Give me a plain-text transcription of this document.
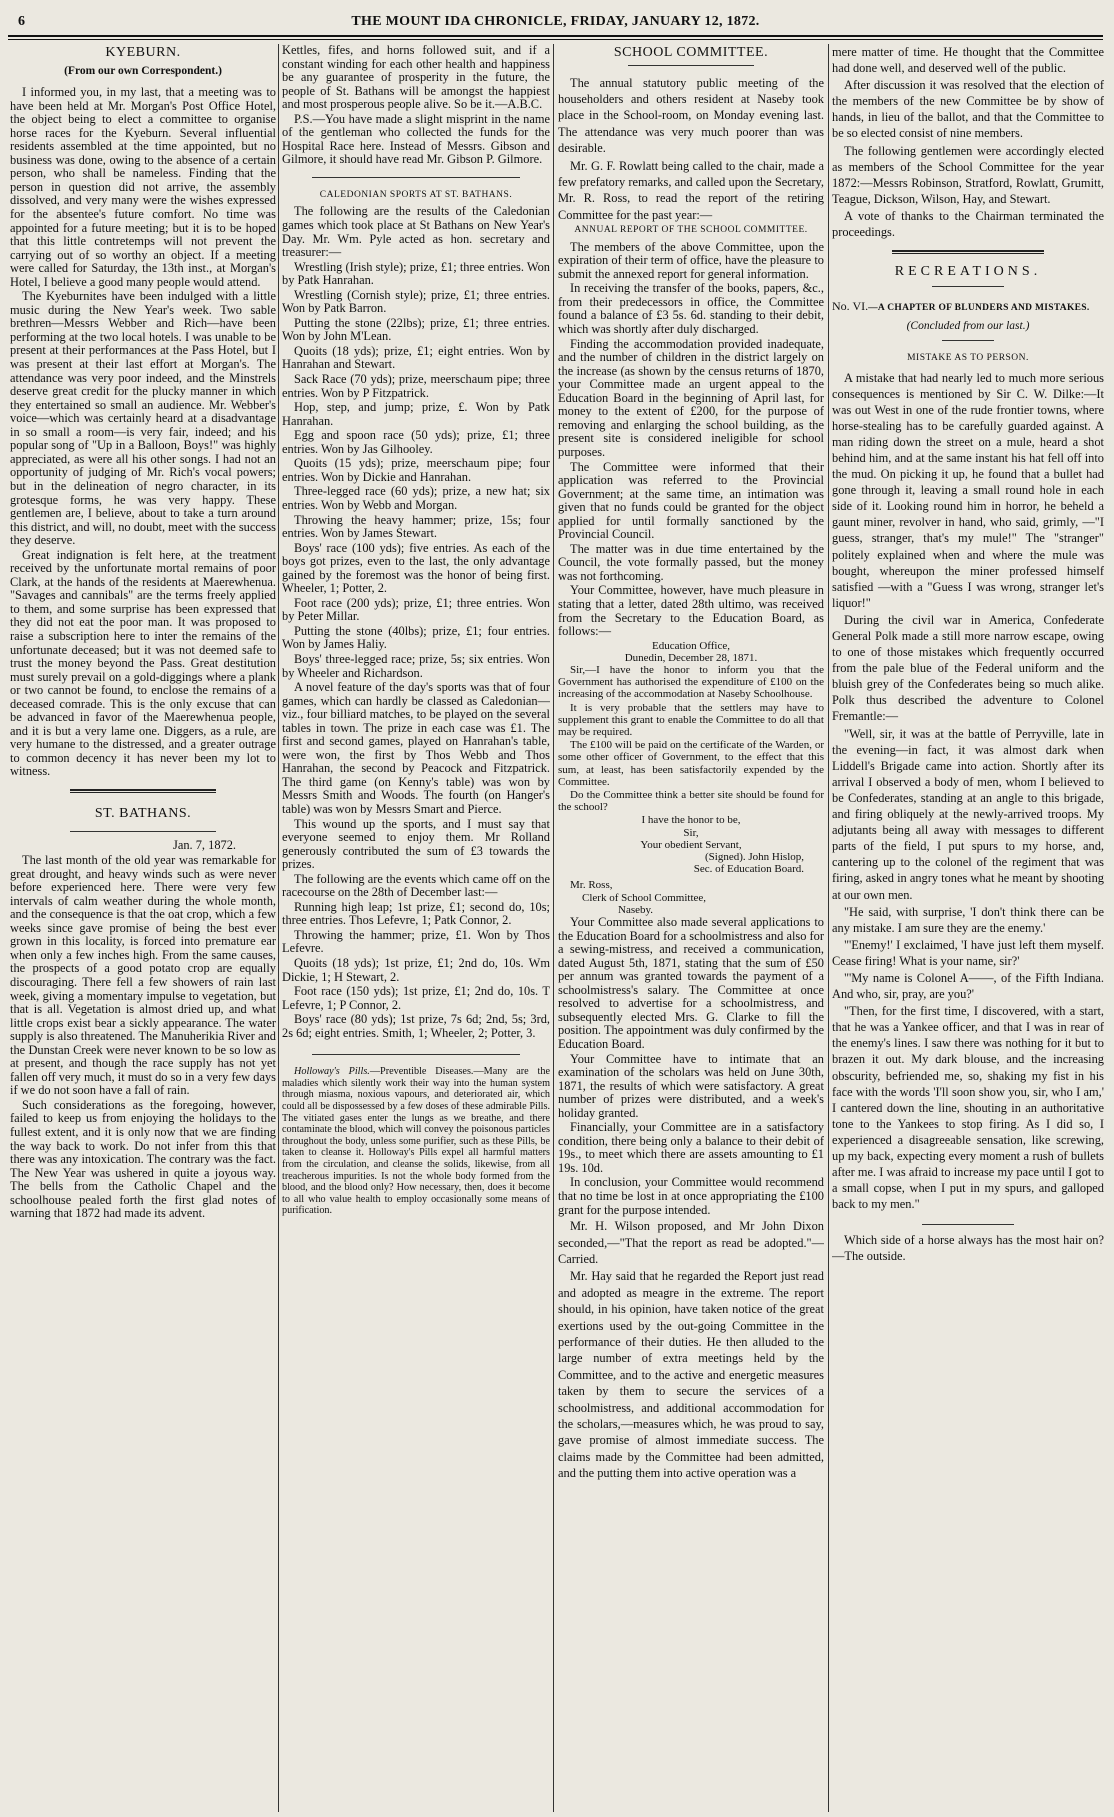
6	THE MOUNT IDA CHRONICLE, FRIDAY, JANUARY 12, 1872.
KYEBURN.
(From our own Correspondent.)

I informed you, in my last, that a meeting was to have been held at Mr. Morgan's Post Office Hotel, the object being to elect a committee to organise horse races for the Kyeburn. Several influential residents assembled at the time appointed, but no business was done, owing to the absence of a certain person, who shall be nameless. Finding that the person in question did not arrive, the assembly dissolved, and very many were the wishes expressed for the absentee's future comfort. No time was appointed for a future meeting; but it is to be hoped that this little contretemps will not prevent the carrying out of so worthy an object. If a meeting were called for Saturday, the 13th inst., at Morgan's Hotel, I believe a good many people would attend.

The Kyeburnites have been indulged with a little music during the New Year's week. Two sable brethren—Messrs Webber and Rich—have been performing at the two local hotels. I was unable to be present at their performances at the Pass Hotel, but I was present at their last effort at Morgan's. The attendance was very poor indeed, and the Minstrels deserve great credit for the plucky manner in which they entertained so small an audience. Mr. Webber's voice—which was certainly heard at a disadvantage in so small a room—is very fair, indeed; and his popular song of "Up in a Balloon, Boys!" was highly appreciated, as were all his other songs. I had not an opportunity of judging of Mr. Rich's vocal powers; but in the delineation of negro character, in its grotesque forms, he was very happy. These gentlemen are, I believe, about to take a turn around this district, and will, no doubt, meet with the success they deserve.

Great indignation is felt here, at the treatment received by the unfortunate mortal remains of poor Clark, at the hands of the residents at Maerewhenua. "Savages and cannibals" are the terms freely applied to them, and some surprise has been expressed that they did not eat the poor man. It was proposed to raise a subscription here to inter the remains of the unfortunate deceased; but it was not deemed safe to trust the money beyond the Pass. Great destitution must surely prevail on a gold-diggings where a plank or two cannot be found, to enclose the remains of a deceased comrade. This is the only excuse that can be advanced in favor of the Maerewhenua people, and it is but a very lame one. Diggers, as a rule, are very humane to the distressed, and a greater outrage to common decency it has never been my lot to witness.

ST. BATHANS.
Jan. 7, 1872.

The last month of the old year was remarkable for great drought, and heavy winds such as were never before experienced here. There were very few intervals of calm weather during the whole month, and the consequence is that the oat crop, which a few weeks since gave promise of being the best ever grown in this locality, is forced into premature ear when only a few inches high. From the same causes, the prospects of a good potato crop are equally discouraging. There fell a few showers of rain last week, giving a momentary impulse to vegetation, but that is all. Vegetation is almost dried up, and what little crops exist bear a sickly appearance. The water supply is also threatened. The Manuherikia River and the Dunstan Creek were never known to be so low as at present, and though the race supply has not yet fallen off very much, it must do so in a very few days if we do not soon have a fall of rain.

Such considerations as the foregoing, however, failed to keep us from enjoying the holidays to the fullest extent, and it is only now that we are finding the way back to work. Do not infer from this that there was any intoxication. The contrary was the fact. The New Year was ushered in quite a joyous way. The bells from the Catholic Chapel and the schoolhouse pealed forth the first glad notes of warning that 1872 had made its advent.

Kettles, fifes, and horns followed suit, and if a constant winding for each other health and happiness be any guarantee of prosperity in the future, the people of St. Bathans will be amongst the happiest and most prosperous people alive. So be it.—A.B.C.

P.S.—You have made a slight misprint in the name of the gentleman who collected the funds for the Hospital Race here. Instead of Messrs. Gibson and Gilmore, it should have read Mr. Gibson P. Gilmore.

CALEDONIAN SPORTS AT ST. BATHANS.

The following are the results of the Caledonian games which took place at St Bathans on New Year's Day. Mr. Wm. Pyle acted as hon. secretary and treasurer:—

Wrestling (Irish style); prize, £1; three entries. Won by Patk Hanrahan.

Wrestling (Cornish style); prize, £1; three entries. Won by Patk Barron.

Putting the stone (22lbs); prize, £1; three entries. Won by John M'Lean.

Quoits (18 yds); prize, £1; eight entries. Won by Hanrahan and Stewart.

Sack Race (70 yds); prize, meerschaum pipe; three entries. Won by P Fitzpatrick.

Hop, step, and jump; prize, £. Won by Patk Hanrahan.

Egg and spoon race (50 yds); prize, £1; three entries. Won by Jas Gilhooley.

Quoits (15 yds); prize, meerschaum pipe; four entries. Won by Dickie and Hanrahan.

Three-legged race (60 yds); prize, a new hat; six entries. Won by Webb and Morgan.

Throwing the heavy hammer; prize, 15s; four entries. Won by James Stewart.

Boys' race (100 yds); five entries. As each of the boys got prizes, even to the last, the only advantage gained by the foremost was the honor of being first. Wheeler, 1; Potter, 2.

Foot race (200 yds); prize, £1; three entries. Won by Peter Millar.

Putting the stone (40lbs); prize, £1; four entries. Won by James Haliy.

Boys' three-legged race; prize, 5s; six entries. Won by Wheeler and Richardson.

A novel feature of the day's sports was that of four games, which can hardly be classed as Caledonian—viz., four billiard matches, to be played on the several tables in town. The prize in each case was £1. The first and second games, played on Hanrahan's table, were won, the first by Thos Webb and Thos Hanrahan, the second by Peacock and Fitzpatrick. The third game (on Kenny's table) was won by Messrs Smith and Woods. The fourth (on Hanger's table) was won by Messrs Smart and Pierce.

This wound up the sports, and I must say that everyone seemed to enjoy them. Mr Rolland generously contributed the sum of £3 towards the prizes.

The following are the events which came off on the racecourse on the 28th of December last:—

Running high leap; 1st prize, £1; second do, 10s; three entries. Thos Lefevre, 1; Patk Connor, 2.

Throwing the hammer; prize, £1. Won by Thos Lefevre.

Quoits (18 yds); 1st prize, £1; 2nd do, 10s. Wm Dickie, 1; H Stewart, 2.

Foot race (150 yds); 1st prize, £1; 2nd do, 10s. T Lefevre, 1; P Connor, 2.

Boys' race (80 yds); 1st prize, 7s 6d; 2nd, 5s; 3rd, 2s 6d; eight entries. Smith, 1; Wheeler, 2; Potter, 3.

Holloway's Pills.—Preventible Diseases.—Many are the maladies which silently work their way into the human system through miasma, noxious vapours, and deteriorated air, which could all be dispossessed by a few doses of these admirable Pills. The vitiated gases enter the lungs as we breathe, and there contaminate the blood, which will convey the poisonous particles throughout the body, unless some purifier, such as these Pills, be taken to cleanse it. Holloway's Pills expel all harmful matters from the circulation, and cleanse the solids, likewise, from all treacherous impurities. Is not the whole body formed from the blood, and the blood only? How necessary, then, does it become to all who value health to employ occasionally some means of purification.

SCHOOL COMMITTEE.

The annual statutory public meeting of the householders and others resident at Naseby took place in the School-room, on Monday evening last. The attendance was very much poorer than was desirable.

Mr. G. F. Rowlatt being called to the chair, made a few prefatory remarks, and called upon the Secretary, Mr. R. Ross, to read the report of the retiring Committee for the past year:—

ANNUAL REPORT OF THE SCHOOL COMMITTEE.

The members of the above Committee, upon the expiration of their term of office, have the pleasure to submit the annexed report for general information.

In receiving the transfer of the books, papers, &c., from their predecessors in office, the Committee found a balance of £3 5s. 6d. standing to their debit, which was shortly after duly discharged.

Finding the accommodation provided inadequate, and the number of children in the district largely on the increase (as shown by the census returns of 1870, your Committee made an urgent appeal to the Education Board in the beginning of April last, for money to the extent of £200, for the purpose of removing and enlarging the school building, as the present site is considered ineligible for school purposes.

The Committee were informed that their application was referred to the Provincial Government; at the same time, an intimation was given that no funds could be granted for the object applied for until formally sanctioned by the Provincial Council.

The matter was in due time entertained by the Council, the vote formally passed, but the money was not forthcoming.

Your Committee, however, have much pleasure in stating that a letter, dated 28th ultimo, was received from the Secretary to the Education Board, as follows:—

Education Office,
Dunedin, December 28, 1871.

Sir,—I have the honor to inform you that the Government has authorised the expenditure of £100 on the increasing of the accommodation at Naseby Schoolhouse.

It is very probable that the settlers may have to supplement this grant to enable the Committee to do all that may be required.

The £100 will be paid on the certificate of the Warden, or some other officer of Government, to the effect that this sum, at least, has been satisfactorily expended by the Committee.

Do the Committee think a better site should be found for the school?

I have the honor to be,
Sir,
Your obedient Servant,
(Signed). John Hislop,
Sec. of Education Board.
Mr. Ross,
Clerk of School Committee,
Naseby.

Your Committee also made several applications to the Education Board for a schoolmistress and also for a sewing-mistress, and received a communication, dated August 5th, 1871, stating that the sum of £50 per annum was granted towards the payment of a schoolmistress's salary. The Committee at once resolved to advertise for a schoolmistress, and subsequently elected Mrs. G. Clarke to fill the position. The appointment was duly confirmed by the Education Board.

Your Committee have to intimate that an examination of the scholars was held on June 30th, 1871, the results of which were satisfactory. A great number of prizes were distributed, and a week's holiday granted.

Financially, your Committee are in a satisfactory condition, there being only a balance to their debit of 19s., to meet which there are assets amounting to £1 19s. 10d.

In conclusion, your Committee would recommend that no time be lost in at once appropriating the £100 grant for the purpose intended.

Mr. H. Wilson proposed, and Mr John Dixon seconded,—"That the report as read be adopted."—Carried.

Mr. Hay said that he regarded the Report just read and adopted as meagre in the extreme. The report should, in his opinion, have taken notice of the great exertions used by the out-going Committee in the performance of their duties. He then alluded to the large number of extra meetings held by the Committee, and to the active and energetic measures taken by them to secure the services of a schoolmistress, and additional accommodation for the scholars,—measures which, he was proud to say, gave promise of almost immediate success. The claims made by the Committee had been admitted, and the putting them into active operation was a

mere matter of time. He thought that the Committee had done well, and deserved well of the public.

After discussion it was resolved that the election of the members of the new Committee be by show of hands, in lieu of the ballot, and that the Committee to be so elected consist of nine members.

The following gentlemen were accordingly elected as members of the School Committee for the year 1872:—Messrs Robinson, Stratford, Rowlatt, Grumitt, Teague, Dickson, Wilson, Hay, and Stewart.

A vote of thanks to the Chairman terminated the proceedings.

RECREATIONS.

No. VI.—A CHAPTER OF BLUNDERS AND MISTAKES.

(Concluded from our last.)
MISTAKE AS TO PERSON.

A mistake that had nearly led to much more serious consequences is mentioned by Sir C. W. Dilke:—It was out West in one of the rude frontier towns, where horse-stealing has to be carefully guarded against. A man riding down the street on a mule, heard a shot behind him, and at the same instant his hat fell off into the mud. On picking it up, he found that a bullet had gone through it, leaving a small round hole in each side of it. Looking round him in horror, he beheld a gaunt miner, revolver in hand, who said, grimly, —"I guess, stranger, that's my mule!" The "stranger" politely explained when and where the mule was bought, whereupon the miner professed himself satisfied —with a "Guess I was wrong, stranger let's liquor!"

During the civil war in America, Confederate General Polk made a still more narrow escape, owing to one of those mistakes which frequently occurred from the pale blue of the Federal uniform and the bluish grey of the Confederates being so much alike. Polk thus described the adventure to Colonel Fremantle:—

"Well, sir, it was at the battle of Perryville, late in the evening—in fact, it was almost dark when Liddell's Brigade came into action. Shortly after its arrival I observed a body of men, whom I believed to be Confederates, standing at an angle to this brigade, and firing obliquely at the newly-arrived troops. My adjutants being all away with messages to different parts of the field, I put spurs to my horse, and, cantering up to the colonel of the regiment that was firing, asked in angry tones what he meant by shooting at our own men.

"He said, with surprise, 'I don't think there can be any mistake. I am sure they are the enemy.'

"'Enemy!' I exclaimed, 'I have just left them myself. Cease firing! What is your name, sir?'

"'My name is Colonel A——, of the Fifth Indiana. And who, sir, pray, are you?'

"Then, for the first time, I discovered, with a start, that he was a Yankee officer, and that I was in rear of the enemy's lines. I saw there was nothing for it but to brazen it out. My dark blouse, and the increasing obscurity, befriended me, so, shaking my fist in his face with the words 'I'll soon show you, sir, who I am,' I cantered down the line, shouting in an authoritative tone to the Yankees to stop firing. As I did so, I experienced a disagreeable sensation, like screwing, up my back, expecting every moment a rush of bullets after me. I was afraid to increase my pace until I got to a small copse, when I put in my spurs, and galloped back to my men."

Which side of a horse always has the most hair on?—The outside.
